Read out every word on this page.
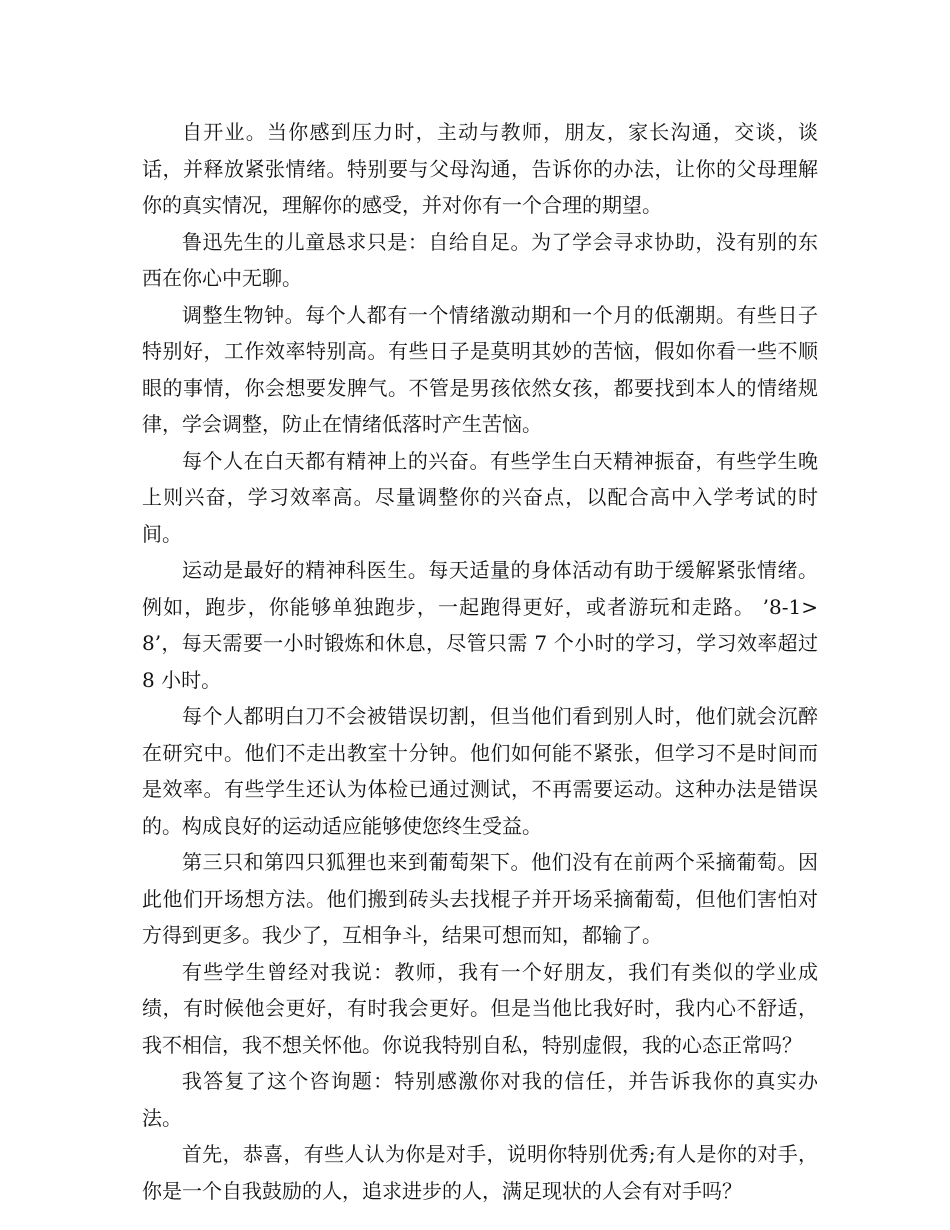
自开业。当你感到压力时，主动与教师，朋友，家长沟通，交谈，谈话，并释放紧张情绪。特别要与父母沟通，告诉你的办法，让你的父母理解你的真实情况，理解你的感受，并对你有一个合理的期望。

鲁迅先生的儿童恳求只是：自给自足。为了学会寻求协助，没有别的东西在你心中无聊。

调整生物钟。每个人都有一个情绪激动期和一个月的低潮期。有些日子特别好，工作效率特别高。有些日子是莫明其妙的苦恼，假如你看一些不顺眼的事情，你会想要发脾气。不管是男孩依然女孩，都要找到本人的情绪规律，学会调整，防止在情绪低落时产生苦恼。

每个人在白天都有精神上的兴奋。有些学生白天精神振奋，有些学生晚上则兴奋，学习效率高。尽量调整你的兴奋点，以配合高中入学考试的时间。

运动是最好的精神科医生。每天适量的身体活动有助于缓解紧张情绪。例如，跑步，你能够单独跑步，一起跑得更好，或者游玩和走路。 ’8-1> 8’，每天需要一小时锻炼和休息，尽管只需 7 个小时的学习，学习效率超过 8 小时。

每个人都明白刀不会被错误切割，但当他们看到别人时，他们就会沉醉在研究中。他们不走出教室十分钟。他们如何能不紧张，但学习不是时间而是效率。有些学生还认为体检已通过测试，不再需要运动。这种办法是错误的。构成良好的运动适应能够使您终生受益。

第三只和第四只狐狸也来到葡萄架下。他们没有在前两个采摘葡萄。因此他们开场想方法。他们搬到砖头去找棍子并开场采摘葡萄，但他们害怕对方得到更多。我少了，互相争斗，结果可想而知，都输了。

有些学生曾经对我说：教师，我有一个好朋友，我们有类似的学业成绩，有时候他会更好，有时我会更好。但是当他比我好时，我内心不舒适，我不相信，我不想关怀他。你说我特别自私，特别虚假，我的心态正常吗？

我答复了这个咨询题：特别感激你对我的信任，并告诉我你的真实办法。

首先，恭喜，有些人认为你是对手，说明你特别优秀;有人是你的对手，你是一个自我鼓励的人，追求进步的人，满足现状的人会有对手吗？
